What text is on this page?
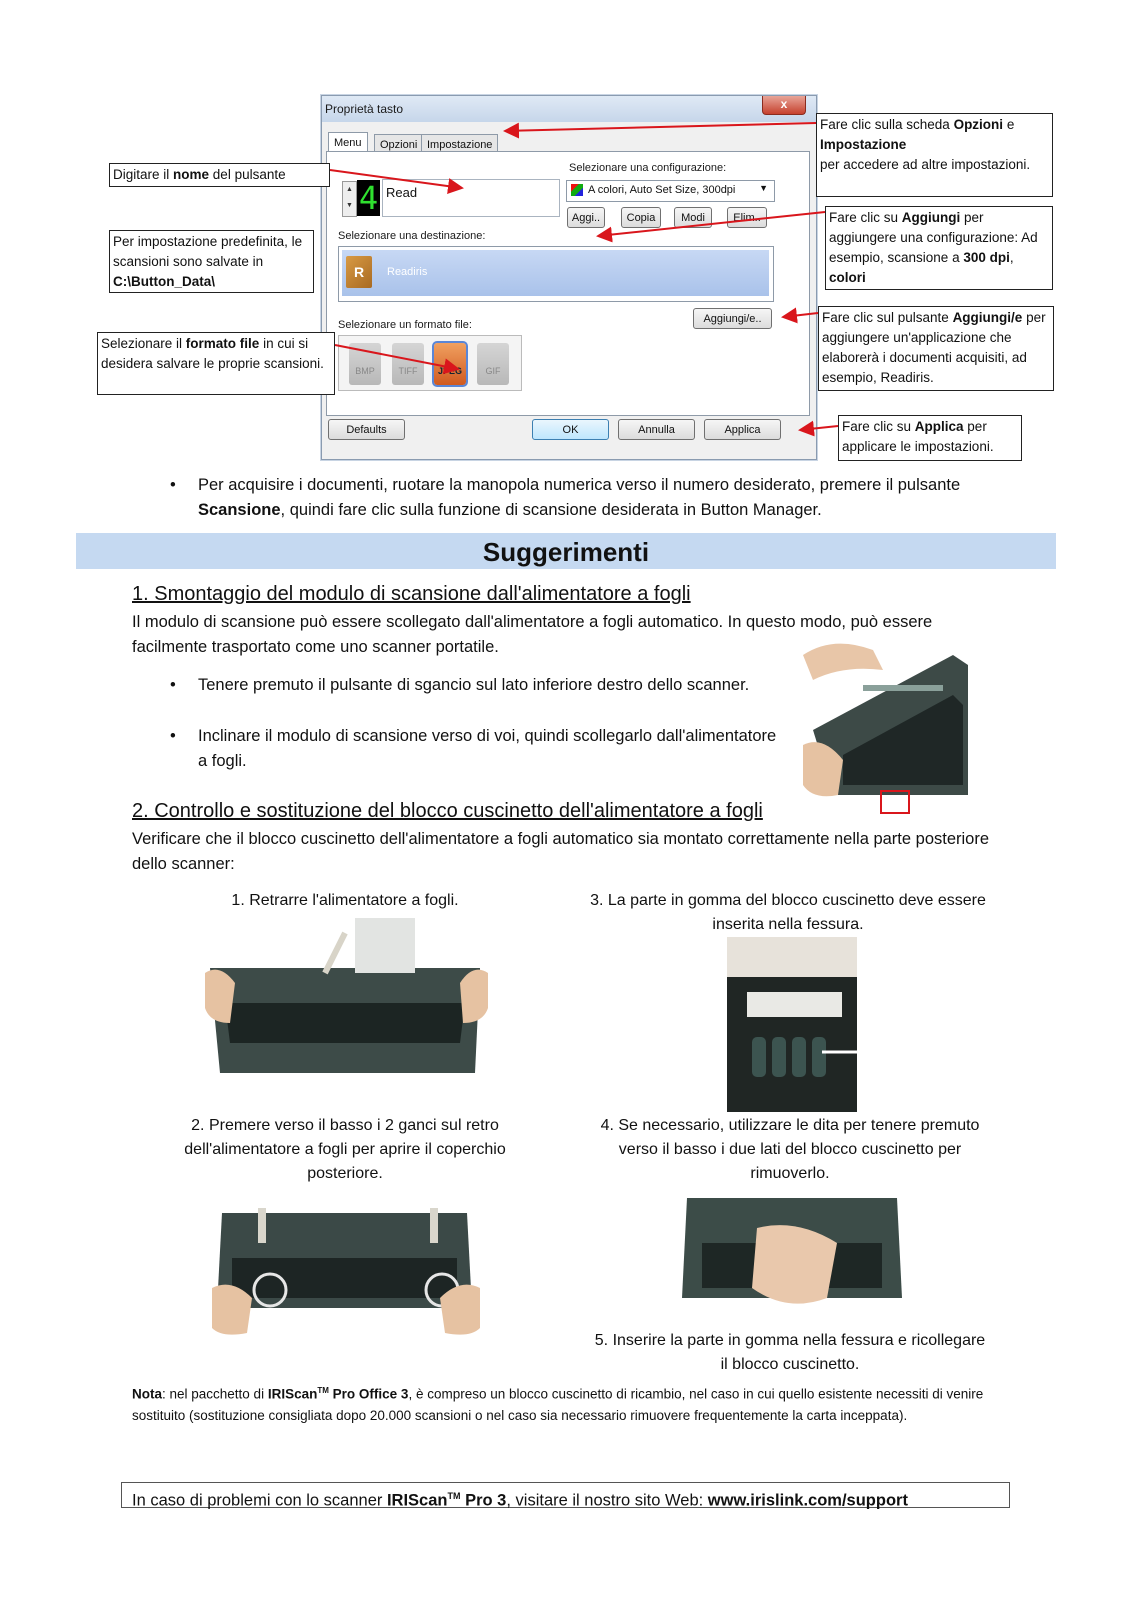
Proprietà tasto	x
Menu	Opzioni Impostazione
▲
▼ 4 Read
Selezionare una configurazione:
A colori, Auto Set Size, 300dpi	▼
Aggi..	Copia	Modi	Elim..
Selezionare una destinazione:
R	Readiris
Aggiungi/e..
Selezionare un formato file:
BMP	TIFF	JPEG	GIF
Defaults	OK	Annulla	Applica
Digitare il nome del pulsante
Per impostazione predefinita, le scansioni sono salvate in C:\Button_Data\
Selezionare il formato file in cui si desidera salvare le proprie scansioni.
Fare clic sulla scheda Opzioni e
Impostazione
per accedere ad altre impostazioni.
Fare clic su Aggiungi per aggiungere una configurazione: Ad esempio, scansione a 300 dpi, colori
Fare clic sul pulsante Aggiungi/e per aggiungere un'applicazione che elaborerà i documenti acquisiti, ad esempio, Readiris.
Fare clic su Applica per applicare le impostazioni.
• Per acquisire i documenti, ruotare la manopola numerica verso il numero desiderato, premere il pulsante Scansione, quindi fare clic sulla funzione di scansione desiderata in Button Manager.
Suggerimenti
1. Smontaggio del modulo di scansione dall'alimentatore a fogli
Il modulo di scansione può essere scollegato dall'alimentatore a fogli automatico. In questo modo, può essere facilmente trasportato come uno scanner portatile.
• Tenere premuto il pulsante di sgancio sul lato inferiore destro dello scanner.
• Inclinare il modulo di scansione verso di voi, quindi scollegarlo dall'alimentatore a fogli.
2. Controllo e sostituzione del blocco cuscinetto dell'alimentatore a fogli
Verificare che il blocco cuscinetto dell'alimentatore a fogli automatico sia montato correttamente nella parte posteriore dello scanner:
1. Retrarre l'alimentatore a fogli.	3. La parte in gomma del blocco cuscinetto deve essere inserita nella fessura.
2. Premere verso il basso i 2 ganci sul retro dell'alimentatore a fogli per aprire il coperchio posteriore.
4. Se necessario, utilizzare le dita per tenere premuto verso il basso i due lati del blocco cuscinetto per rimuoverlo.
5. Inserire la parte in gomma nella fessura e ricollegare il blocco cuscinetto.
Nota: nel pacchetto di IRIScan™ Pro Office 3, è compreso un blocco cuscinetto di ricambio, nel caso in cui quello esistente necessiti di venire sostituito (sostituzione consigliata dopo 20.000 scansioni o nel caso sia necessario rimuovere frequentemente la carta inceppata).
In caso di problemi con lo scanner IRIScan™ Pro 3, visitare il nostro sito Web: www.irislink.com/support
